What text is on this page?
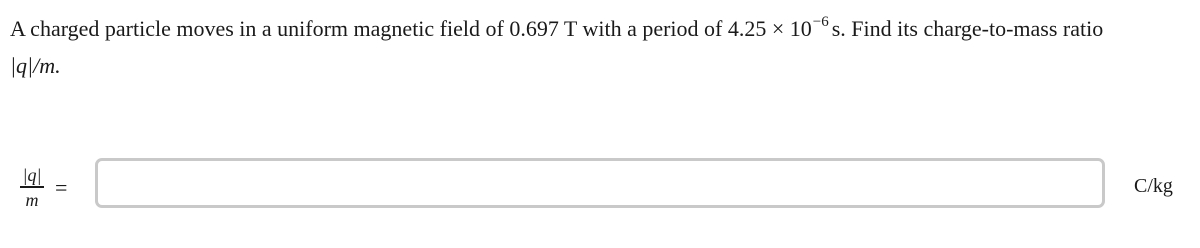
A charged particle moves in a uniform magnetic field of 0.697 T with a period of $4.25 \times 10^{-6}$ s. Find its charge-to-mass ratio
|q|/m.
|q|
m =	C/kg
